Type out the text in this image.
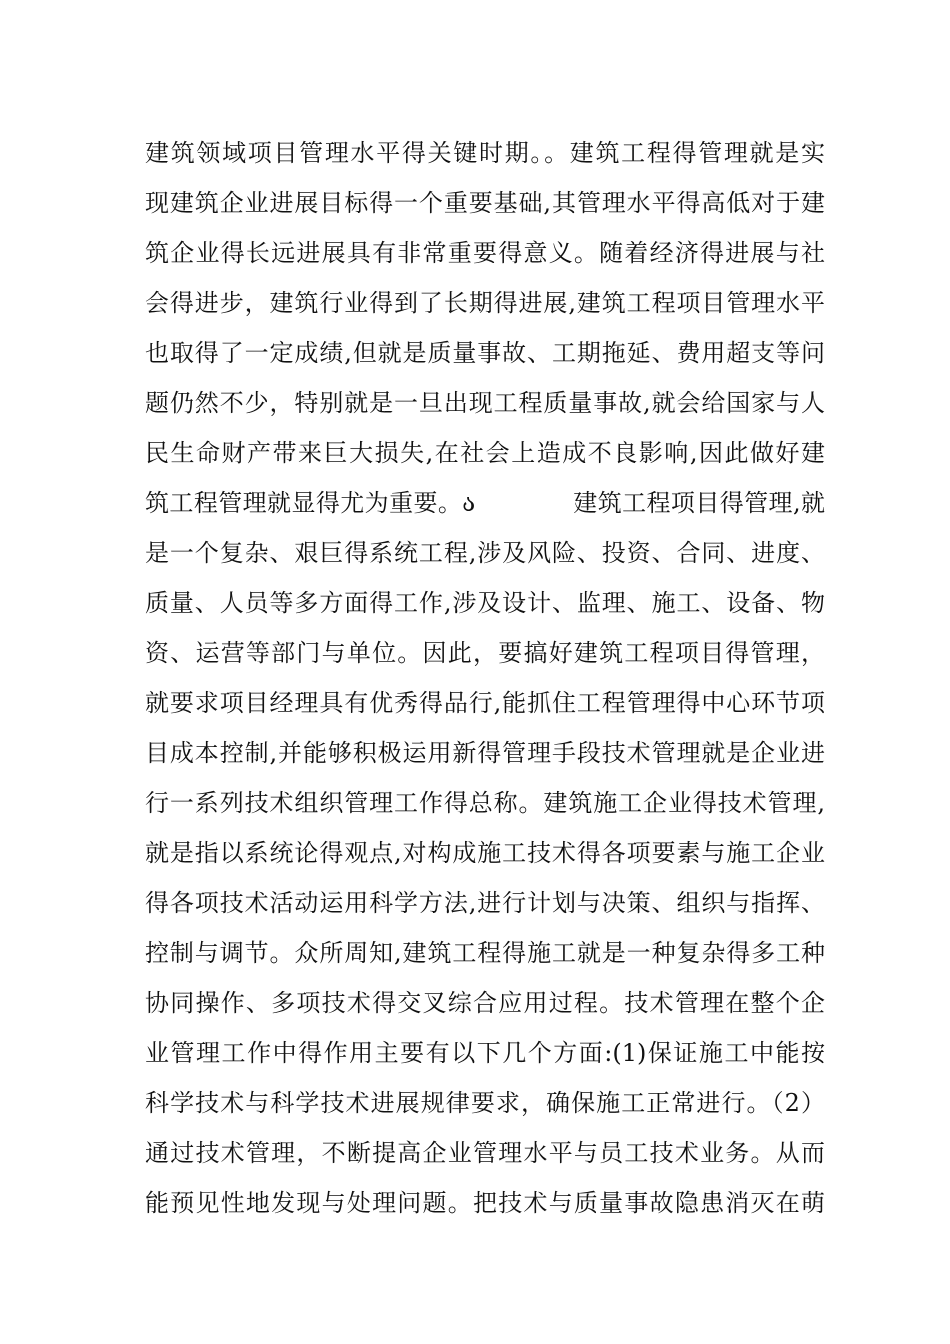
建筑领域项目管理水平得关键时期。。建筑工程得管理就是实
现建筑企业进展目标得一个重要基础,其管理水平得高低对于建
筑企业得长远进展具有非常重要得意义。随着经济得进展与社
会得进步，建筑行业得到了长期得进展,建筑工程项目管理水平
也取得了一定成绩,但就是质量事故、工期拖延、费用超支等问
题仍然不少，特别就是一旦出现工程质量事故,就会给国家与人
民生命财产带来巨大损失,在社会上造成不良影响,因此做好建
筑工程管理就显得尤为重要。ა　　　　建筑工程项目得管理,就
是一个复杂、艰巨得系统工程,涉及风险、投资、合同、进度、
质量、人员等多方面得工作,涉及设计、监理、施工、设备、物
资、运营等部门与单位。因此，要搞好建筑工程项目得管理，
就要求项目经理具有优秀得品行,能抓住工程管理得中心环节项
目成本控制,并能够积极运用新得管理手段技术管理就是企业进
行一系列技术组织管理工作得总称。建筑施工企业得技术管理,
就是指以系统论得观点,对构成施工技术得各项要素与施工企业
得各项技术活动运用科学方法,进行计划与决策、组织与指挥、
控制与调节。众所周知,建筑工程得施工就是一种复杂得多工种
协同操作、多项技术得交叉综合应用过程。技术管理在整个企
业管理工作中得作用主要有以下几个方面:(1)保证施工中能按
科学技术与科学技术进展规律要求，确保施工正常进行。（2）
通过技术管理，不断提高企业管理水平与员工技术业务。从而
能预见性地发现与处理问题。把技术与质量事故隐患消灭在萌
